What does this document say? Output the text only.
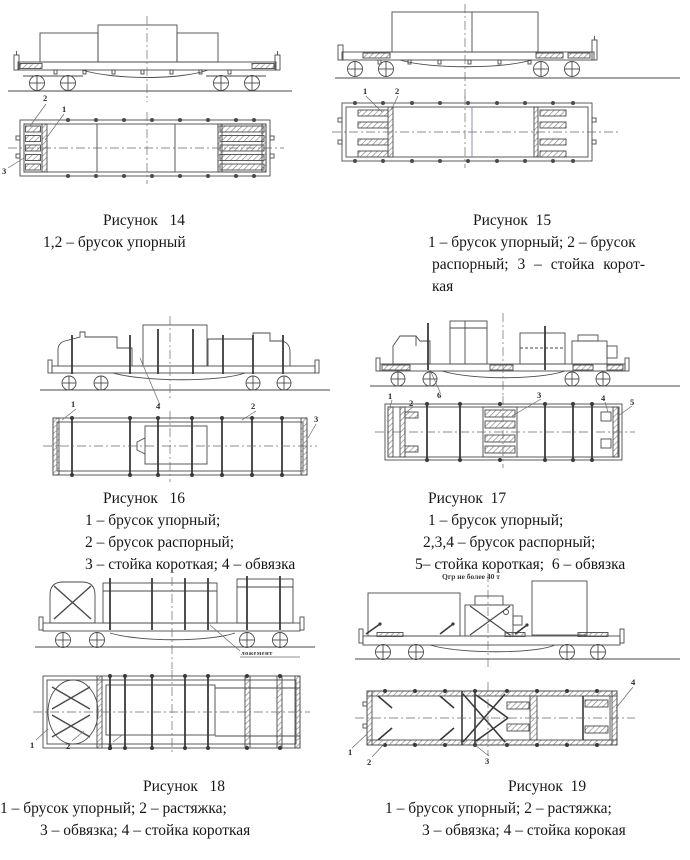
2
1
3
1	2
1	4	2
3
6
1
2
3	4	5
ложемент
1	2	3
Qгр не более 40 т
1
2	3
4
Рисунок   14
1,2 – брусок упорный
Рисунок  15
1 – брусок упорный; 2 – брусок
распорный; 3 – стойка корот-
кая
Рисунок   16
1 – брусок упорный;
2 – брусок распорный;
3 – стойка короткая; 4 – обвязка
Рисунок  17
1 – брусок упорный;
2,3,4 – брусок распорный;
5– стойка короткая;  6 – обвязка
Рисунок   18
1 – брусок упорный; 2 – растяжка;
3 – обвязка; 4 – стойка короткая
Рисунок  19
1 – брусок упорный; 2 – растяжка;
3 – обвязка; 4 – стойка корокая
